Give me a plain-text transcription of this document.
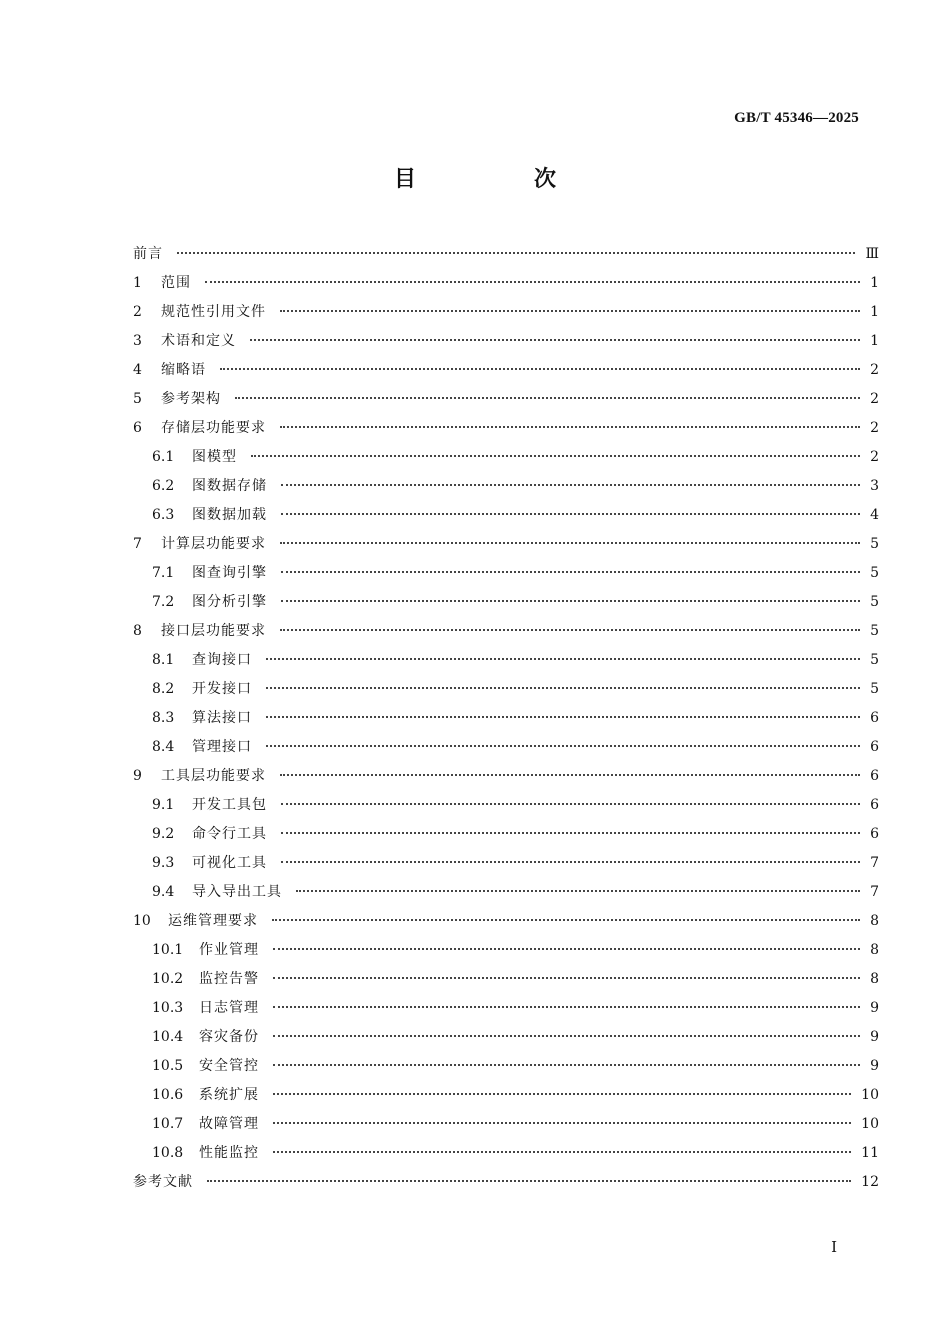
GB/T 45346—2025
目　次
前言	Ⅲ
1	范围	1
2	规范性引用文件	1
3	术语和定义	1
4	缩略语	2
5	参考架构	2
6	存储层功能要求	2
6.1 图模型	2
6.2 图数据存储	3
6.3 图数据加载	4
7	计算层功能要求	5
7.1 图查询引擎	5
7.2 图分析引擎	5
8	接口层功能要求	5
8.1 查询接口	5
8.2 开发接口	5
8.3 算法接口	6
8.4 管理接口	6
9	工具层功能要求	6
9.1 开发工具包	6
9.2 命令行工具	6
9.3 可视化工具	7
9.4 导入导出工具	7
10 运维管理要求	8
10.1 作业管理	8
10.2 监控告警	8
10.3 日志管理	9
10.4 容灾备份	9
10.5 安全管控	9
10.6 系统扩展	10
10.7 故障管理	10
10.8 性能监控	11
参考文献	12
Ⅰ
